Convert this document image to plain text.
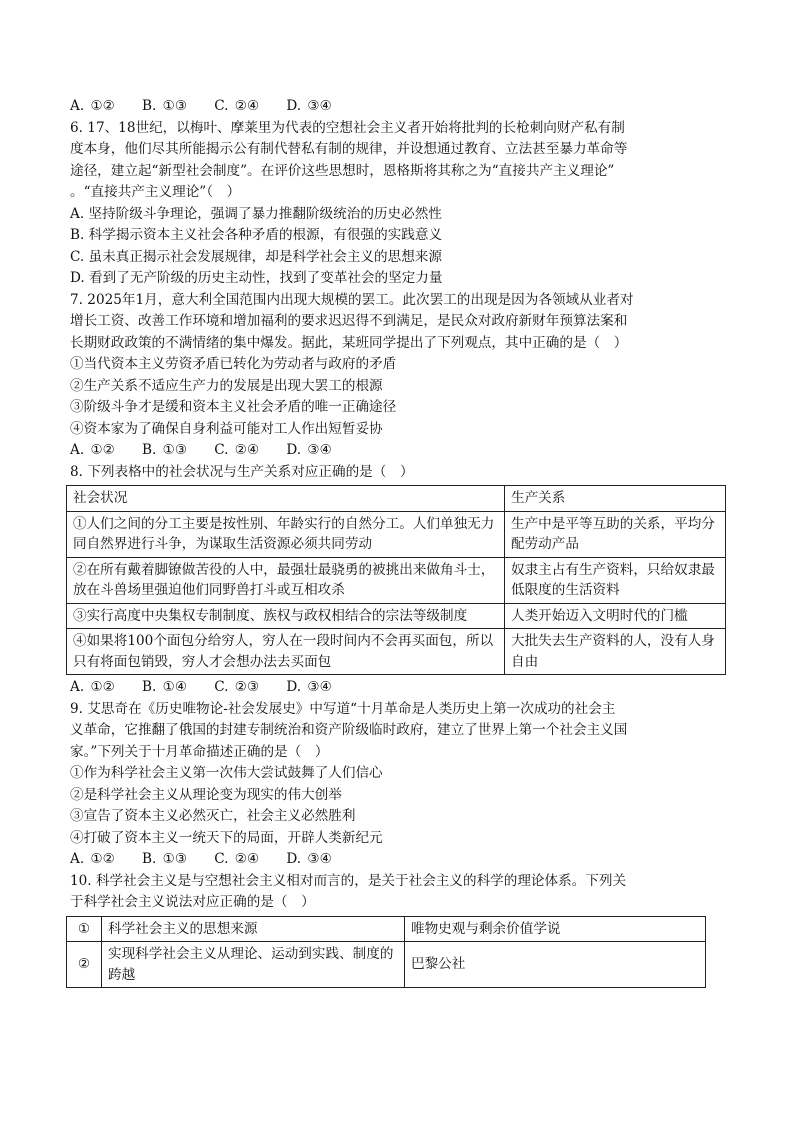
A. ①②　　B. ①③　　C. ②④　　D. ③④

6. 17、18世纪，以梅叶、摩莱里为代表的空想社会主义者开始将批判的长枪刺向财产私有制

度本身，他们尽其所能揭示公有制代替私有制的规律，并设想通过教育、立法甚至暴力革命等

途径，建立起“新型社会制度”。在评价这些思想时，恩格斯将其称之为“直接共产主义理论”

。“直接共产主义理论”（　）

A. 坚持阶级斗争理论，强调了暴力推翻阶级统治的历史必然性

B. 科学揭示资本主义社会各种矛盾的根源，有很强的实践意义

C. 虽未真正揭示社会发展规律，却是科学社会主义的思想来源

D. 看到了无产阶级的历史主动性，找到了变革社会的坚定力量

7. 2025年1月，意大利全国范围内出现大规模的罢工。此次罢工的出现是因为各领域从业者对

增长工资、改善工作环境和增加福利的要求迟迟得不到满足，是民众对政府新财年预算法案和

长期财政政策的不满情绪的集中爆发。据此，某班同学提出了下列观点，其中正确的是（　）

①当代资本主义劳资矛盾已转化为劳动者与政府的矛盾

②生产关系不适应生产力的发展是出现大罢工的根源

③阶级斗争才是缓和资本主义社会矛盾的唯一正确途径

④资本家为了确保自身利益可能对工人作出短暂妥协

A. ①②　　B. ①③　　C. ②④　　D. ③④

8. 下列表格中的社会状况与生产关系对应正确的是（　）

社会状况	生产关系
①人们之间的分工主要是按性别、年龄实行的自然分工。人们单独无力同自然界进行斗争，为谋取生活资源必须共同劳动	生产中是平等互助的关系，平均分配劳动产品
②在所有戴着脚镣做苦役的人中，最强壮最骁勇的被挑出来做角斗士，放在斗兽场里强迫他们同野兽打斗或互相攻杀	奴隶主占有生产资料，只给奴隶最低限度的生活资料
③实行高度中央集权专制制度、族权与政权相结合的宗法等级制度	人类开始迈入文明时代的门槛
④如果将100个面包分给穷人，穷人在一段时间内不会再买面包，所以只有将面包销毁，穷人才会想办法去买面包	大批失去生产资料的人，没有人身自由

A. ①②　　B. ①④　　C. ②③　　D. ③④

9. 艾思奇在《历史唯物论-社会发展史》中写道“十月革命是人类历史上第一次成功的社会主

义革命，它推翻了俄国的封建专制统治和资产阶级临时政府，建立了世界上第一个社会主义国

家。”下列关于十月革命描述正确的是（　）

①作为科学社会主义第一次伟大尝试鼓舞了人们信心

②是科学社会主义从理论变为现实的伟大创举

③宣告了资本主义必然灭亡，社会主义必然胜利

④打破了资本主义一统天下的局面，开辟人类新纪元

A. ①②　　B. ①③　　C. ②④　　D. ③④

10. 科学社会主义是与空想社会主义相对而言的，是关于社会主义的科学的理论体系。下列关

于科学社会主义说法对应正确的是（　）

①	科学社会主义的思想来源	唯物史观与剩余价值学说
②	实现科学社会主义从理论、运动到实践、制度的跨越	巴黎公社
